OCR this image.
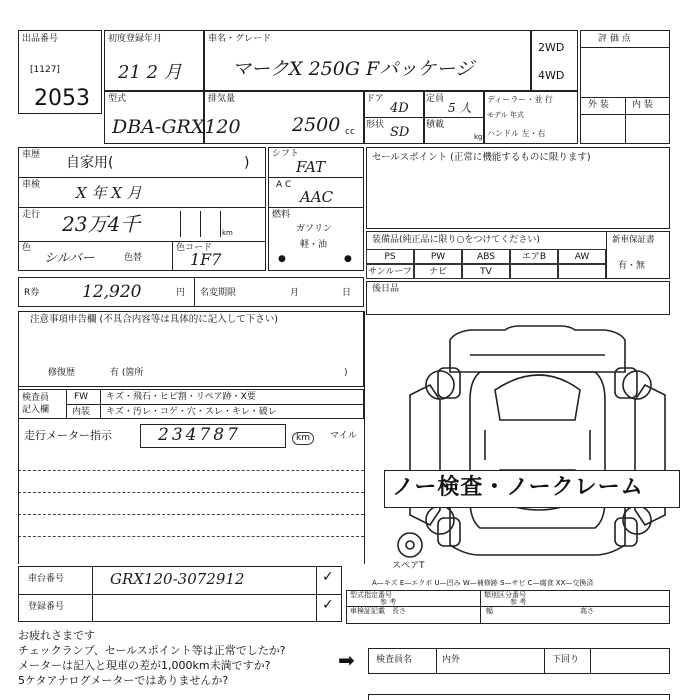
出品番号
[1127]
2053
初度登録年月
21 2 月
車名・グレード
マークX 250G Fパッケージ
2WD
4WD
型式
DBA-GRX120
排気量
2500 cc
ドア
4D
定員
5 人
形状 SD 積載
kg
ディーラー・並 行
モデル 年式
ハンドル 左・右
評 価 点
外 装	内 装
車歴 自家用(	)
車検 X 年 X 月
走行 23万4千	km
色
シルバー	色替
色コード
1F7
シフト
FAT
A C
AAC
燃料
ガソリン
軽・油
●	●
R券	12,920	円 名変期限	月	日
注意事項申告欄 (不具合内容等は具体的に記入して下さい)
修復歴	有 (箇所	)
検査員
記入欄
FW キズ・飛石・ヒビ割・リペア跡・X要
内装 キズ・汚レ・コゲ・穴・スレ・キレ・破レ
走行メーター指示	234787	km	マイル
セールスポイント (正常に機能するものに限ります)
装備品(純正品に限り○をつけてください)	新車保証書
有・無
PS	PW	ABS	エアB	AW
サンルーフ	ナビ	TV
後日品
ノー検査・ノークレーム
スペアT
A—キズ E—エクボ U—凹み W—補修跡 S—サビ C—腐食 XX—交換済
型式指定番号	類別区分番号
参 考	参 考
車検証記載 長さ	幅	高さ
車台番号	GRX120-3072912	✓
登録番号	✓
お疲れさまです
チェックランプ、セールスポイント等は正常でしたか?
メーターは記入と現車の差が1,000km未満ですか?
5ケタアナログメーターではありませんか?
➡ 検査員名	内外	下回り
